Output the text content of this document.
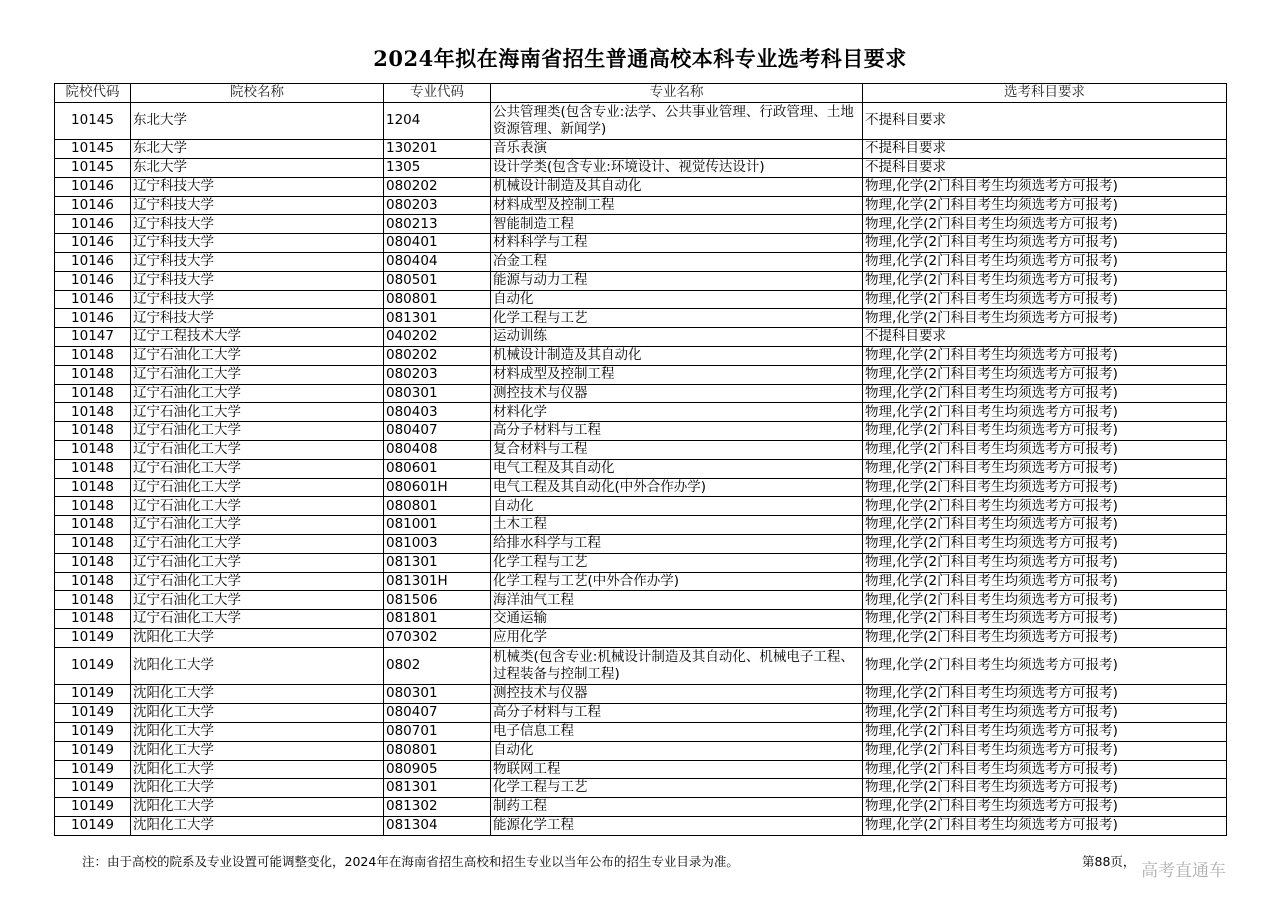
2024年拟在海南省招生普通高校本科专业选考科目要求
院校代码	院校名称	专业代码	专业名称	选考科目要求
10145	东北大学	1204	公共管理类(包含专业:法学、公共事业管理、行政管理、土地资源管理、新闻学)	不提科目要求
10145	东北大学	130201	音乐表演	不提科目要求
10145	东北大学	1305	设计学类(包含专业:环境设计、视觉传达设计)	不提科目要求
10146	辽宁科技大学	080202	机械设计制造及其自动化	物理,化学(2门科目考生均须选考方可报考)
10146	辽宁科技大学	080203	材料成型及控制工程	物理,化学(2门科目考生均须选考方可报考)
10146	辽宁科技大学	080213	智能制造工程	物理,化学(2门科目考生均须选考方可报考)
10146	辽宁科技大学	080401	材料科学与工程	物理,化学(2门科目考生均须选考方可报考)
10146	辽宁科技大学	080404	冶金工程	物理,化学(2门科目考生均须选考方可报考)
10146	辽宁科技大学	080501	能源与动力工程	物理,化学(2门科目考生均须选考方可报考)
10146	辽宁科技大学	080801	自动化	物理,化学(2门科目考生均须选考方可报考)
10146	辽宁科技大学	081301	化学工程与工艺	物理,化学(2门科目考生均须选考方可报考)
10147	辽宁工程技术大学	040202	运动训练	不提科目要求
10148	辽宁石油化工大学	080202	机械设计制造及其自动化	物理,化学(2门科目考生均须选考方可报考)
10148	辽宁石油化工大学	080203	材料成型及控制工程	物理,化学(2门科目考生均须选考方可报考)
10148	辽宁石油化工大学	080301	测控技术与仪器	物理,化学(2门科目考生均须选考方可报考)
10148	辽宁石油化工大学	080403	材料化学	物理,化学(2门科目考生均须选考方可报考)
10148	辽宁石油化工大学	080407	高分子材料与工程	物理,化学(2门科目考生均须选考方可报考)
10148	辽宁石油化工大学	080408	复合材料与工程	物理,化学(2门科目考生均须选考方可报考)
10148	辽宁石油化工大学	080601	电气工程及其自动化	物理,化学(2门科目考生均须选考方可报考)
10148	辽宁石油化工大学	080601H	电气工程及其自动化(中外合作办学)	物理,化学(2门科目考生均须选考方可报考)
10148	辽宁石油化工大学	080801	自动化	物理,化学(2门科目考生均须选考方可报考)
10148	辽宁石油化工大学	081001	土木工程	物理,化学(2门科目考生均须选考方可报考)
10148	辽宁石油化工大学	081003	给排水科学与工程	物理,化学(2门科目考生均须选考方可报考)
10148	辽宁石油化工大学	081301	化学工程与工艺	物理,化学(2门科目考生均须选考方可报考)
10148	辽宁石油化工大学	081301H	化学工程与工艺(中外合作办学)	物理,化学(2门科目考生均须选考方可报考)
10148	辽宁石油化工大学	081506	海洋油气工程	物理,化学(2门科目考生均须选考方可报考)
10148	辽宁石油化工大学	081801	交通运输	物理,化学(2门科目考生均须选考方可报考)
10149	沈阳化工大学	070302	应用化学	物理,化学(2门科目考生均须选考方可报考)
10149	沈阳化工大学	0802	机械类(包含专业:机械设计制造及其自动化、机械电子工程、过程装备与控制工程)	物理,化学(2门科目考生均须选考方可报考)
10149	沈阳化工大学	080301	测控技术与仪器	物理,化学(2门科目考生均须选考方可报考)
10149	沈阳化工大学	080407	高分子材料与工程	物理,化学(2门科目考生均须选考方可报考)
10149	沈阳化工大学	080701	电子信息工程	物理,化学(2门科目考生均须选考方可报考)
10149	沈阳化工大学	080801	自动化	物理,化学(2门科目考生均须选考方可报考)
10149	沈阳化工大学	080905	物联网工程	物理,化学(2门科目考生均须选考方可报考)
10149	沈阳化工大学	081301	化学工程与工艺	物理,化学(2门科目考生均须选考方可报考)
10149	沈阳化工大学	081302	制药工程	物理,化学(2门科目考生均须选考方可报考)
10149	沈阳化工大学	081304	能源化学工程	物理,化学(2门科目考生均须选考方可报考)
注：由于高校的院系及专业设置可能调整变化，2024年在海南省招生高校和招生专业以当年公布的招生专业目录为准。	第88页， 高考直通车
